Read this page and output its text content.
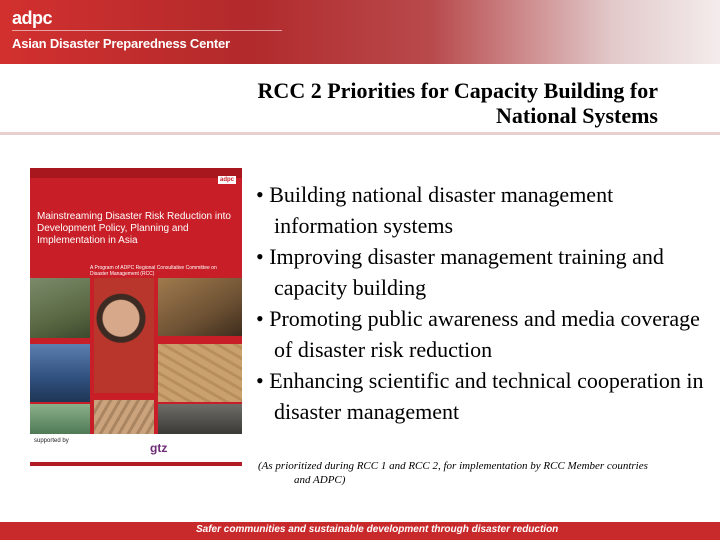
adpc
Asian Disaster Preparedness Center
RCC 2 Priorities for Capacity Building for
National Systems
adpc
Mainstreaming Disaster Risk Reduction into Development Policy, Planning and Implementation in Asia
A Program of ADPC Regional Consultative Committee on Disaster Management (RCC)
supported by	gtz
• Building national disaster management information systems
• Improving disaster management training and capacity building
• Promoting public awareness and media coverage of disaster risk reduction
• Enhancing scientific and technical cooperation in disaster management
(As prioritized during RCC 1 and RCC 2, for implementation by RCC Member countries
and ADPC)
Safer communities and sustainable development through disaster reduction
